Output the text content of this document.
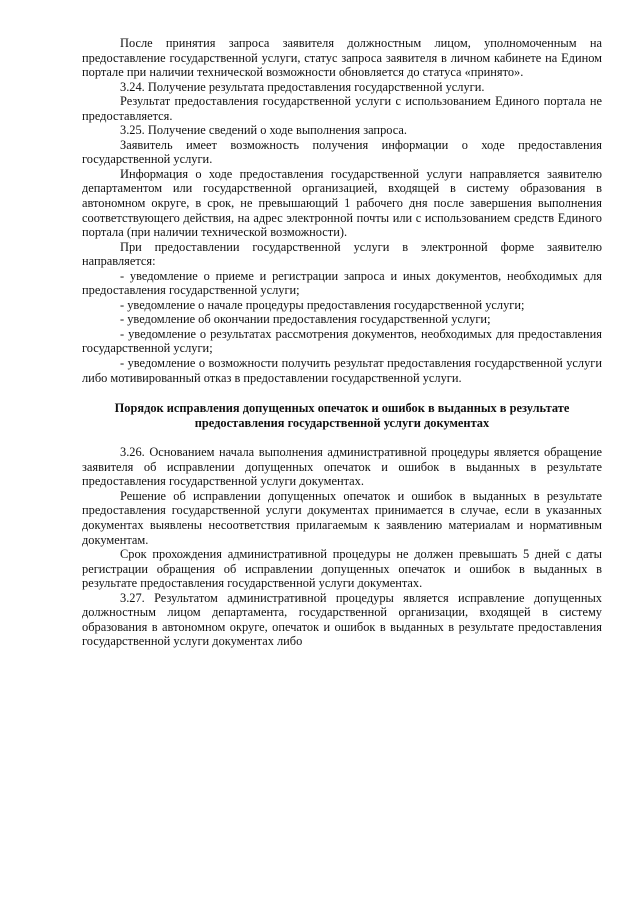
После принятия запроса заявителя должностным лицом, уполномоченным на предоставление государственной услуги, статус запроса заявителя в личном кабинете на Едином портале при наличии технической возможности обновляется до статуса «принято».

3.24. Получение результата предоставления государственной услуги.

Результат предоставления государственной услуги с использованием Единого портала не предоставляется.

3.25. Получение сведений о ходе выполнения запроса.

Заявитель имеет возможность получения информации о ходе предоставления государственной услуги.

Информация о ходе предоставления государственной услуги направляется заявителю департаментом или государственной организацией, входящей в систему образования в автономном округе, в срок, не превышающий 1 рабочего дня после завершения выполнения соответствующего действия, на адрес электронной почты или с использованием средств Единого портала (при наличии технической возможности).

При предоставлении государственной услуги в электронной форме заявителю направляется:

- уведомление о приеме и регистрации запроса и иных документов, необходимых для предоставления государственной услуги;

- уведомление о начале процедуры предоставления государственной услуги;

- уведомление об окончании предоставления государственной услуги;

- уведомление о результатах рассмотрения документов, необходимых для предоставления государственной услуги;

- уведомление о возможности получить результат предоставления государственной услуги либо мотивированный отказ в предоставлении государственной услуги.

Порядок исправления допущенных опечаток и ошибок в выданных в результате предоставления государственной услуги документах

3.26. Основанием начала выполнения административной процедуры является обращение заявителя об исправлении допущенных опечаток и ошибок в выданных в результате предоставления государственной услуги документах.

Решение об исправлении допущенных опечаток и ошибок в выданных в результате предоставления государственной услуги документах принимается в случае, если в указанных документах выявлены несоответствия прилагаемым к заявлению материалам и нормативным документам.

Срок прохождения административной процедуры не должен превышать 5 дней с даты регистрации обращения об исправлении допущенных опечаток и ошибок в выданных в результате предоставления государственной услуги документах.

3.27. Результатом административной процедуры является исправление допущенных должностным лицом департамента, государственной организации, входящей в систему образования в автономном округе, опечаток и ошибок в выданных в результате предоставления государственной услуги документах либо
